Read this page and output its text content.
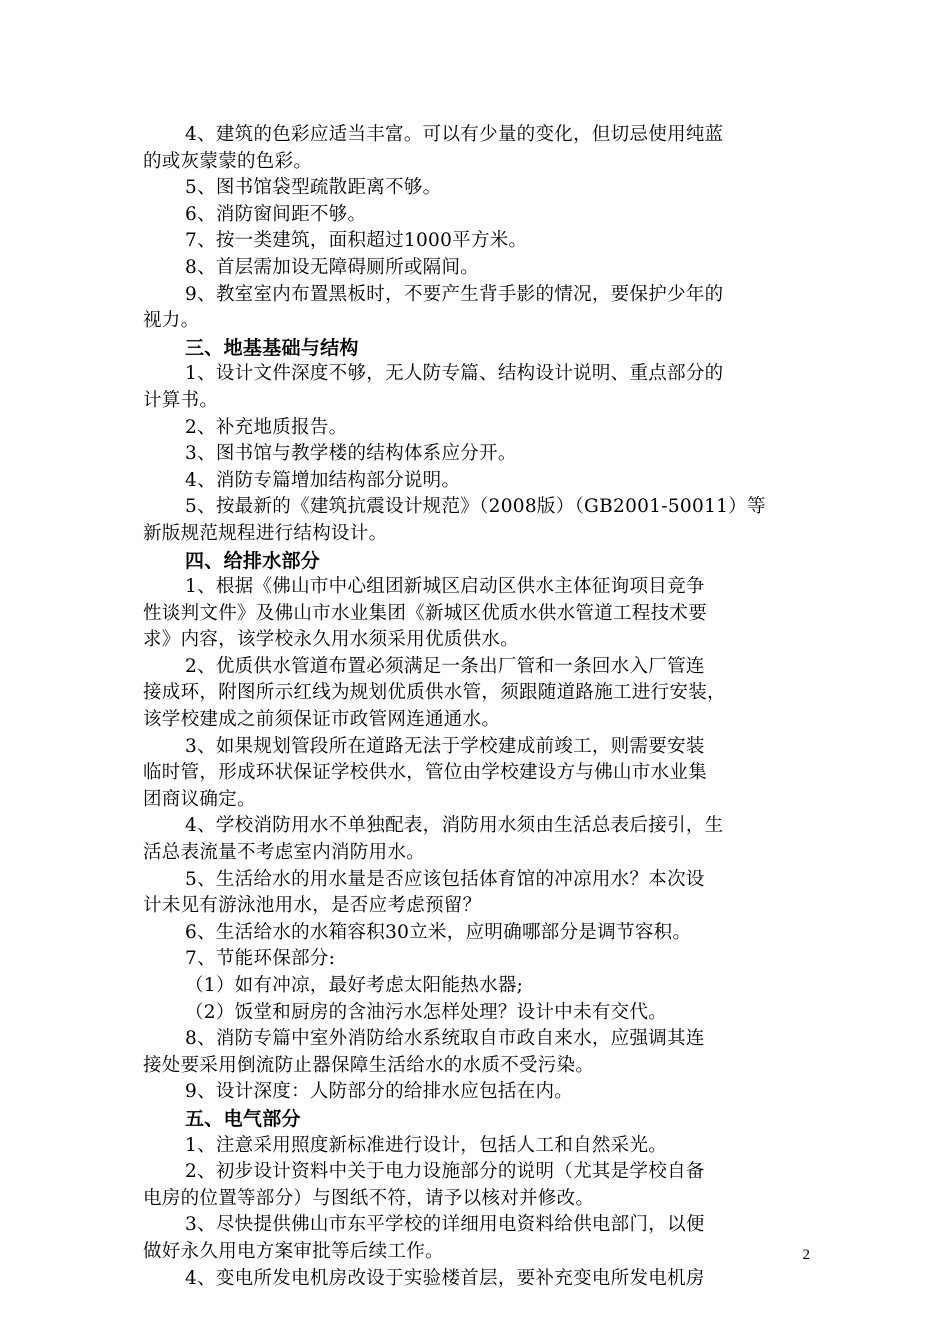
4、建筑的色彩应适当丰富。可以有少量的变化，但切忌使用纯蓝
的或灰蒙蒙的色彩。
5、图书馆袋型疏散距离不够。
6、消防窗间距不够。
7、按一类建筑，面积超过1000平方米。
8、首层需加设无障碍厕所或隔间。
9、教室室内布置黑板时，不要产生背手影的情况，要保护少年的
视力。
三、地基基础与结构
1、设计文件深度不够，无人防专篇、结构设计说明、重点部分的
计算书。
2、补充地质报告。
3、图书馆与教学楼的结构体系应分开。
4、消防专篇增加结构部分说明。
5、按最新的《建筑抗震设计规范》（2008版）（GB2001-50011）等
新版规范规程进行结构设计。
四、给排水部分
1、根据《佛山市中心组团新城区启动区供水主体征询项目竞争
性谈判文件》及佛山市水业集团《新城区优质水供水管道工程技术要
求》内容，该学校永久用水须采用优质供水。
2、优质供水管道布置必须满足一条出厂管和一条回水入厂管连
接成环，附图所示红线为规划优质供水管，须跟随道路施工进行安装，
该学校建成之前须保证市政管网连通通水。
3、如果规划管段所在道路无法于学校建成前竣工，则需要安装
临时管，形成环状保证学校供水，管位由学校建设方与佛山市水业集
团商议确定。
4、学校消防用水不单独配表，消防用水须由生活总表后接引，生
活总表流量不考虑室内消防用水。
5、生活给水的用水量是否应该包括体育馆的冲凉用水？本次设
计未见有游泳池用水，是否应考虑预留？
6、生活给水的水箱容积30立米，应明确哪部分是调节容积。
7、节能环保部分:
（1）如有冲凉，最好考虑太阳能热水器;
（2）饭堂和厨房的含油污水怎样处理？设计中未有交代。
8、消防专篇中室外消防给水系统取自市政自来水，应强调其连
接处要采用倒流防止器保障生活给水的水质不受污染。
9、设计深度：人防部分的给排水应包括在内。
五、电气部分
1、注意采用照度新标准进行设计，包括人工和自然采光。
2、初步设计资料中关于电力设施部分的说明（尤其是学校自备
电房的位置等部分）与图纸不符，请予以核对并修改。
3、尽快提供佛山市东平学校的详细用电资料给供电部门，以便
做好永久用电方案审批等后续工作。
4、变电所发电机房改设于实验楼首层，要补充变电所发电机房
2
